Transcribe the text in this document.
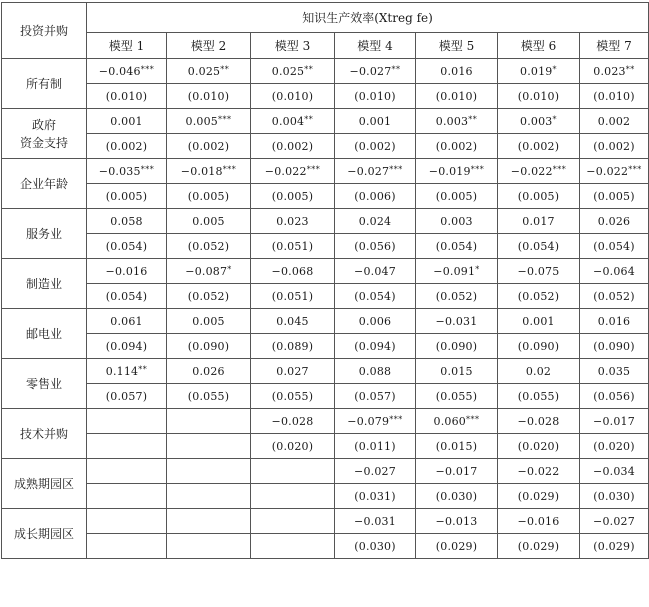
投资并购	知识生产效率(Xtreg fe)						
	模型 1	模型 2	模型 3	模型 4	模型 5	模型 6	模型 7
所有制	−0.046***	0.025**	0.025**	−0.027**	0.016	0.019*	0.023**
	(0.010)	(0.010)	(0.010)	(0.010)	(0.010)	(0.010)	(0.010)
政府
资金支持	0.001	0.005***	0.004**	0.001	0.003**	0.003*	0.002
	(0.002)	(0.002)	(0.002)	(0.002)	(0.002)	(0.002)	(0.002)
企业年龄	−0.035***	−0.018***	−0.022***	−0.027***	−0.019***	−0.022***	−0.022***
	(0.005)	(0.005)	(0.005)	(0.006)	(0.005)	(0.005)	(0.005)
服务业	0.058	0.005	0.023	0.024	0.003	0.017	0.026
	(0.054)	(0.052)	(0.051)	(0.056)	(0.054)	(0.054)	(0.054)
制造业	−0.016	−0.087*	−0.068	−0.047	−0.091*	−0.075	−0.064
	(0.054)	(0.052)	(0.051)	(0.054)	(0.052)	(0.052)	(0.052)
邮电业	0.061	0.005	0.045	0.006	−0.031	0.001	0.016
	(0.094)	(0.090)	(0.089)	(0.094)	(0.090)	(0.090)	(0.090)
零售业	0.114**	0.026	0.027	0.088	0.015	0.02	0.035
	(0.057)	(0.055)	(0.055)	(0.057)	(0.055)	(0.055)	(0.056)
技术并购			−0.028	−0.079***	0.060***	−0.028	−0.017
			(0.020)	(0.011)	(0.015)	(0.020)	(0.020)
成熟期园区				−0.027	−0.017	−0.022	−0.034
				(0.031)	(0.030)	(0.029)	(0.030)
成长期园区				−0.031	−0.013	−0.016	−0.027
				(0.030)	(0.029)	(0.029)	(0.029)
